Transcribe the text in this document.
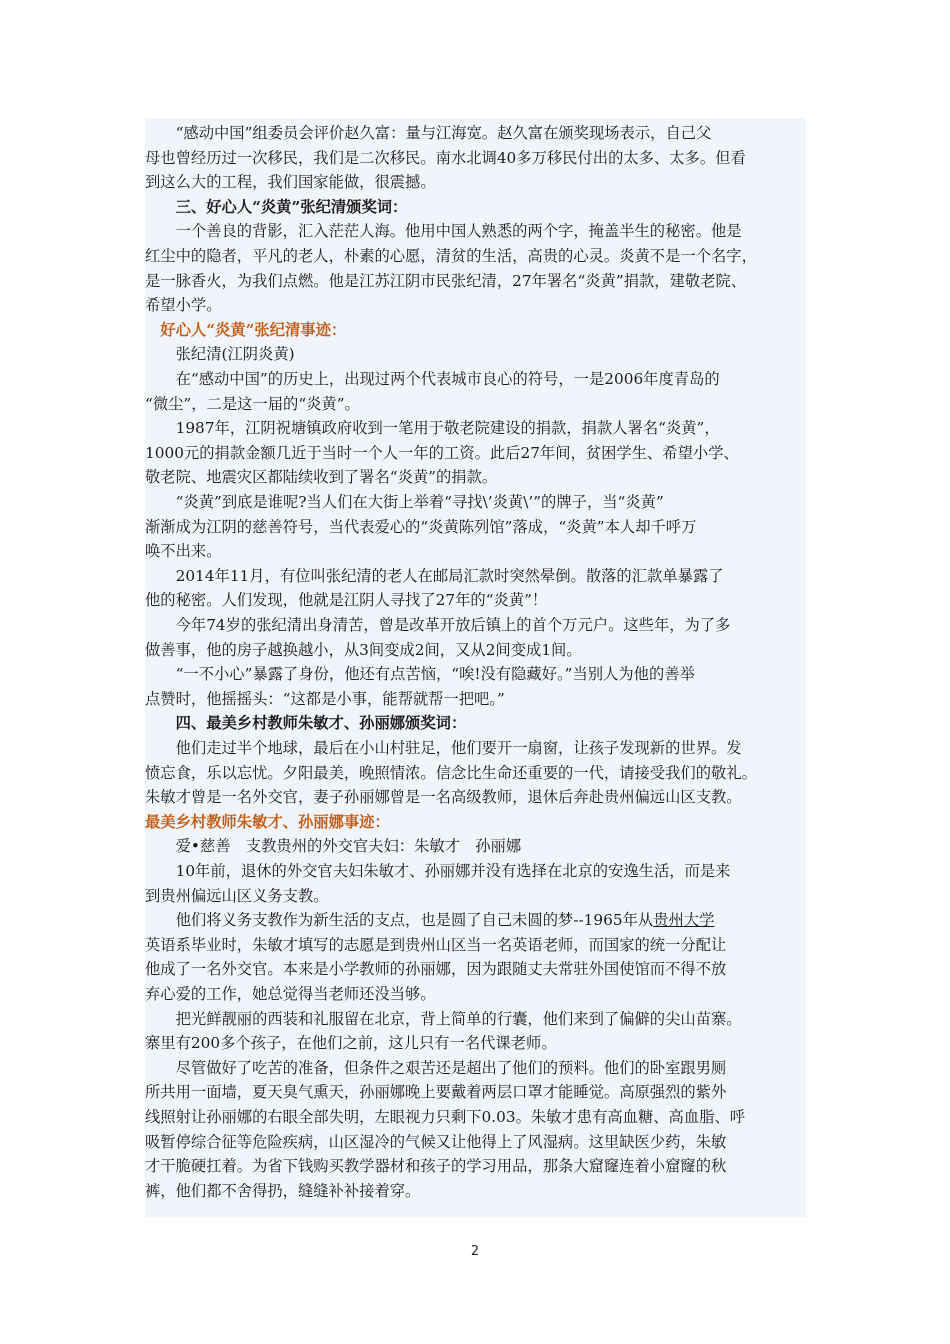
　　“感动中国”组委员会评价赵久富：量与江海宽。赵久富在颁奖现场表示，自己父
母也曾经历过一次移民，我们是二次移民。南水北调40多万移民付出的太多、太多。但看
到这么大的工程，我们国家能做，很震撼。
　　三、好心人“炎黄”张纪清颁奖词：
　　一个善良的背影，汇入茫茫人海。他用中国人熟悉的两个字，掩盖半生的秘密。他是
红尘中的隐者，平凡的老人，朴素的心愿，清贫的生活，高贵的心灵。炎黄不是一个名字，
是一脉香火，为我们点燃。他是江苏江阴市民张纪清，27年署名“炎黄”捐款，建敬老院、
希望小学。
　好心人“炎黄”张纪清事迹：
　　张纪清(江阴炎黄)
　　在“感动中国”的历史上，出现过两个代表城市良心的符号，一是2006年度青岛的
“微尘”，二是这一届的“炎黄”。
　　1987年，江阴祝塘镇政府收到一笔用于敬老院建设的捐款，捐款人署名“炎黄”，
1000元的捐款金额几近于当时一个人一年的工资。此后27年间，贫困学生、希望小学、
敬老院、地震灾区都陆续收到了署名“炎黄”的捐款。
　　“炎黄”到底是谁呢?当人们在大街上举着“寻找\’炎黄\’”的牌子，当“炎黄”
渐渐成为江阴的慈善符号，当代表爱心的“炎黄陈列馆”落成，“炎黄”本人却千呼万
唤不出来。
　　2014年11月，有位叫张纪清的老人在邮局汇款时突然晕倒。散落的汇款单暴露了
他的秘密。人们发现，他就是江阴人寻找了27年的“炎黄”！
　　今年74岁的张纪清出身清苦，曾是改革开放后镇上的首个万元户。这些年，为了多
做善事，他的房子越换越小，从3间变成2间，又从2间变成1间。
　　“一不小心”暴露了身份，他还有点苦恼，“唉!没有隐藏好。”当别人为他的善举
点赞时，他摇摇头：“这都是小事，能帮就帮一把吧。”
　　四、最美乡村教师朱敏才、孙丽娜颁奖词：
　　他们走过半个地球，最后在小山村驻足，他们要开一扇窗，让孩子发现新的世界。发
愤忘食，乐以忘忧。夕阳最美，晚照情浓。信念比生命还重要的一代，请接受我们的敬礼。
朱敏才曾是一名外交官，妻子孙丽娜曾是一名高级教师，退休后奔赴贵州偏远山区支教。
最美乡村教师朱敏才、孙丽娜事迹：
　　爱•慈善　支教贵州的外交官夫妇：朱敏才　孙丽娜
　　10年前，退休的外交官夫妇朱敏才、孙丽娜并没有选择在北京的安逸生活，而是来
到贵州偏远山区义务支教。
　　他们将义务支教作为新生活的支点，也是圆了自己未圆的梦--1965年从贵州大学
英语系毕业时，朱敏才填写的志愿是到贵州山区当一名英语老师，而国家的统一分配让
他成了一名外交官。本来是小学教师的孙丽娜，因为跟随丈夫常驻外国使馆而不得不放
弃心爱的工作，她总觉得当老师还没当够。
　　把光鲜靓丽的西装和礼服留在北京，背上简单的行囊，他们来到了偏僻的尖山苗寨。
寨里有200多个孩子，在他们之前，这儿只有一名代课老师。
　　尽管做好了吃苦的准备，但条件之艰苦还是超出了他们的预料。他们的卧室跟男厕
所共用一面墙，夏天臭气熏天，孙丽娜晚上要戴着两层口罩才能睡觉。高原强烈的紫外
线照射让孙丽娜的右眼全部失明，左眼视力只剩下0.03。朱敏才患有高血糖、高血脂、呼
吸暂停综合征等危险疾病，山区湿冷的气候又让他得上了风湿病。这里缺医少药，朱敏
才干脆硬扛着。为省下钱购买教学器材和孩子的学习用品，那条大窟窿连着小窟窿的秋
裤，他们都不舍得扔，缝缝补补接着穿。
2
